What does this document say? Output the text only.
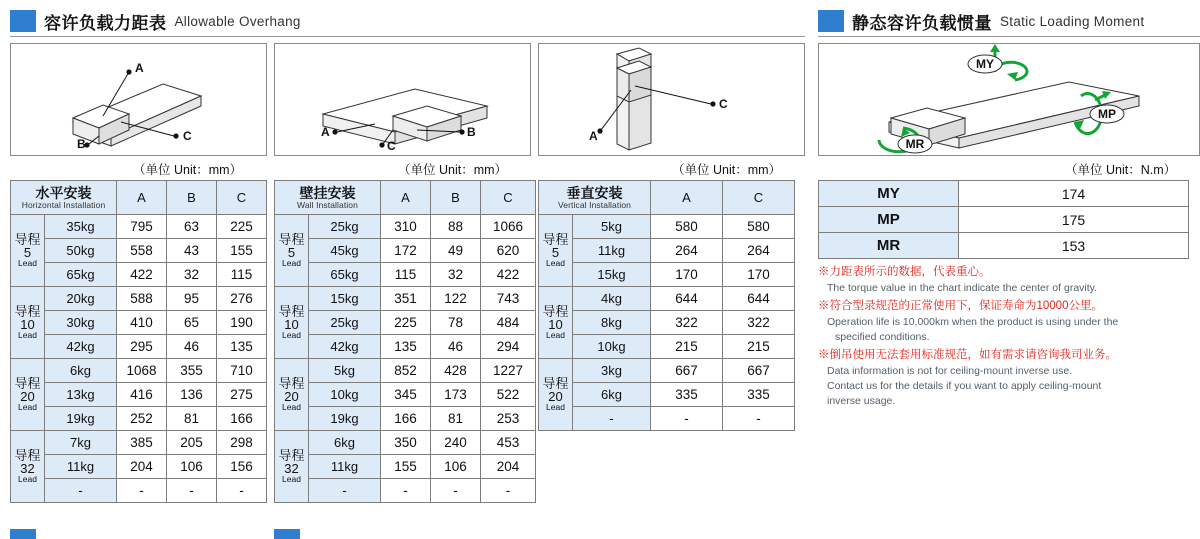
容许负载力距表 Allowable Overhang	静态容许负载惯量 Static Loading Moment
A
B
C
（单位 Unit：mm）
A	B
C
（单位 Unit：mm）
A
C
（单位 Unit：mm）
MY
MP
MR
（单位 Unit：N.m）
水平安装
Horizontal Installation		A	B	C
导程
5
Lead	35kg	795	63	225
	50kg	558	43	155
	65kg	422	32	115
导程
10
Lead	20kg	588	95	276
	30kg	410	65	190
	42kg	295	46	135
导程
20
Lead	6kg	1068	355	710
	13kg	416	136	275
	19kg	252	81	166
导程
32
Lead	7kg	385	205	298
	11kg	204	106	156
	-	-	-	-
壁挂安装
Wall Installation		A	B	C
导程
5
Lead	25kg	310	88	1066
	45kg	172	49	620
	65kg	115	32	422
导程
10
Lead	15kg	351	122	743
	25kg	225	78	484
	42kg	135	46	294
导程
20
Lead	5kg	852	428	1227
	10kg	345	173	522
	19kg	166	81	253
导程
32
Lead	6kg	350	240	453
	11kg	155	106	204
	-	-	-	-
垂直安装
Vertical Installation		A	C
导程
5
Lead	5kg	580	580
	11kg	264	264
	15kg	170	170
导程
10
Lead	4kg	644	644
	8kg	322	322
	10kg	215	215
导程
20
Lead	3kg	667	667
	6kg	335	335
	-	-	-
MY	174
MP	175
MR	153
※力距表所示的数据，代表重心。
The torque value in the chart indicate the center of gravity.
※符合型录规范的正常使用下，保证寿命为10000公里。
Operation life is 10,000km when the product is using under the
specified conditions.
※倒吊使用无法套用标准规范，如有需求请咨询我司业务。
Data information is not for ceiling-mount inverse use.
Contact us for the details if you want to apply ceiling-mount
inverse usage.
